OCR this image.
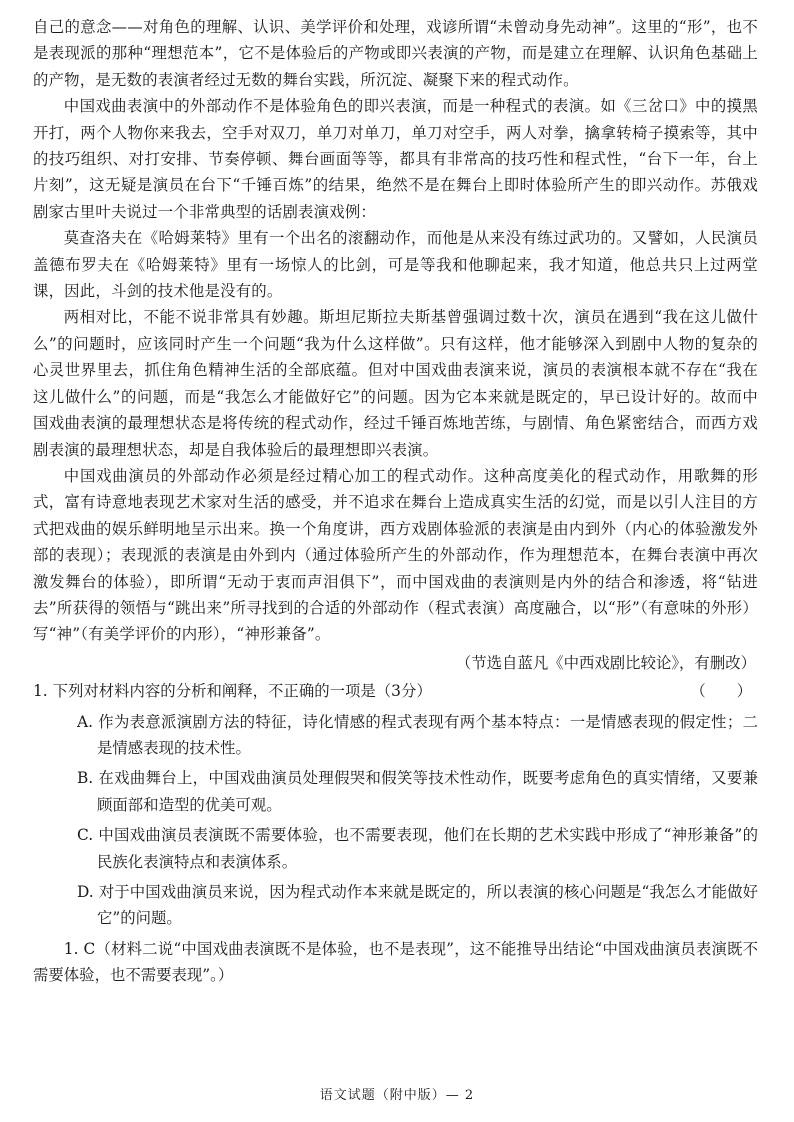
自己的意念——对角色的理解、认识、美学评价和处理，戏谚所谓“未曾动身先动神”。这里的“形”，也不是表现派的那种“理想范本”，它不是体验后的产物或即兴表演的产物，而是建立在理解、认识角色基础上的产物，是无数的表演者经过无数的舞台实践，所沉淀、凝聚下来的程式动作。

中国戏曲表演中的外部动作不是体验角色的即兴表演，而是一种程式的表演。如《三岔口》中的摸黑开打，两个人物你来我去，空手对双刀，单刀对单刀，单刀对空手，两人对拳，擒拿转椅子摸索等，其中的技巧组织、对打安排、节奏停顿、舞台画面等等，都具有非常高的技巧性和程式性，“台下一年，台上片刻”，这无疑是演员在台下“千锤百炼”的结果，绝然不是在舞台上即时体验所产生的即兴动作。苏俄戏剧家古里叶夫说过一个非常典型的话剧表演戏例：

莫查洛夫在《哈姆莱特》里有一个出名的滚翻动作，而他是从来没有练过武功的。又譬如，人民演员盖德布罗夫在《哈姆莱特》里有一场惊人的比剑，可是等我和他聊起来，我才知道，他总共只上过两堂课，因此，斗剑的技术他是没有的。

两相对比，不能不说非常具有妙趣。斯坦尼斯拉夫斯基曾强调过数十次，演员在遇到“我在这儿做什么”的问题时，应该同时产生一个问题“我为什么这样做”。只有这样，他才能够深入到剧中人物的复杂的心灵世界里去，抓住角色精神生活的全部底蕴。但对中国戏曲表演来说，演员的表演根本就不存在“我在这儿做什么”的问题，而是“我怎么才能做好它”的问题。因为它本来就是既定的，早已设计好的。故而中国戏曲表演的最理想状态是将传统的程式动作，经过千锤百炼地苦练，与剧情、角色紧密结合，而西方戏剧表演的最理想状态，却是自我体验后的最理想即兴表演。

中国戏曲演员的外部动作必须是经过精心加工的程式动作。这种高度美化的程式动作，用歌舞的形式，富有诗意地表现艺术家对生活的感受，并不追求在舞台上造成真实生活的幻觉，而是以引人注目的方式把戏曲的娱乐鲜明地呈示出来。换一个角度讲，西方戏剧体验派的表演是由内到外（内心的体验激发外部的表现）；表现派的表演是由外到内（通过体验所产生的外部动作，作为理想范本，在舞台表演中再次激发舞台的体验），即所谓“无动于衷而声泪俱下”，而中国戏曲的表演则是内外的结合和渗透，将“钻进去”所获得的领悟与“跳出来”所寻找到的合适的外部动作（程式表演）高度融合，以“形”（有意味的外形）写“神”（有美学评价的内形），“神形兼备”。

（节选自蓝凡《中西戏剧比较论》，有删改）
1. 下列对材料内容的分析和阐释，不正确的一项是（3分）	（　　）

A. 作为表意派演剧方法的特征，诗化情感的程式表现有两个基本特点：一是情感表现的假定性；二是情感表现的技术性。

B. 在戏曲舞台上，中国戏曲演员处理假哭和假笑等技术性动作，既要考虑角色的真实情绪，又要兼顾面部和造型的优美可观。

C. 中国戏曲演员表演既不需要体验，也不需要表现，他们在长期的艺术实践中形成了“神形兼备”的民族化表演特点和表演体系。

D. 对于中国戏曲演员来说，因为程式动作本来就是既定的，所以表演的核心问题是“我怎么才能做好它”的问题。

1. C（材料二说“中国戏曲表演既不是体验，也不是表现”，这不能推导出结论“中国戏曲演员表演既不需要体验，也不需要表现”。）

语文试题（附中版）— 2
